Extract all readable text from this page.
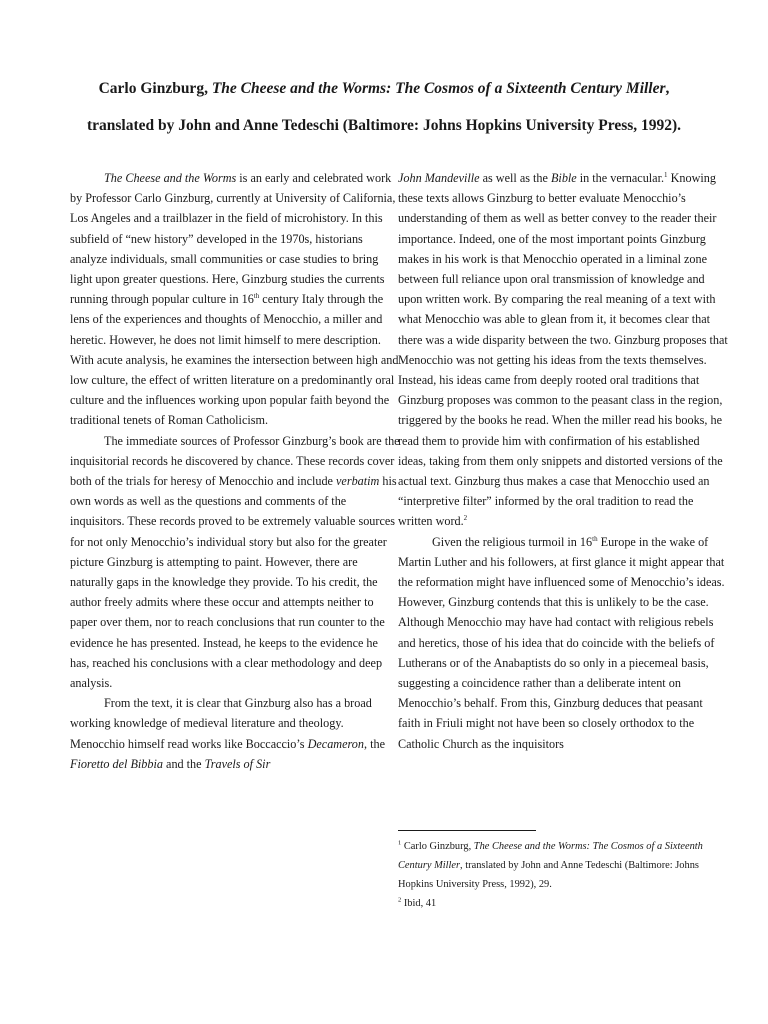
Carlo Ginzburg, The Cheese and the Worms: The Cosmos of a Sixteenth Century Miller,
translated by John and Anne Tedeschi (Baltimore: Johns Hopkins University Press, 1992).

The Cheese and the Worms is an early and celebrated work by Professor Carlo Ginzburg, currently at University of California, Los Angeles and a trailblazer in the field of microhistory. In this subfield of “new history” developed in the 1970s, historians analyze individuals, small communities or case studies to bring light upon greater questions. Here, Ginzburg studies the currents running through popular culture in 16th century Italy through the lens of the experiences and thoughts of Menocchio, a miller and heretic. However, he does not limit himself to mere description. With acute analysis, he examines the intersection between high and low culture, the effect of written literature on a predominantly oral culture and the influences working upon popular faith beyond the traditional tenets of Roman Catholicism.

The immediate sources of Professor Ginzburg’s book are the inquisitorial records he discovered by chance. These records cover both of the trials for heresy of Menocchio and include verbatim his own words as well as the questions and comments of the inquisitors. These records proved to be extremely valuable sources for not only Menocchio’s individual story but also for the greater picture Ginzburg is attempting to paint. However, there are naturally gaps in the knowledge they provide. To his credit, the author freely admits where these occur and attempts neither to paper over them, nor to reach conclusions that run counter to the evidence he has presented. Instead, he keeps to the evidence he has, reached his conclusions with a clear methodology and deep analysis.

From the text, it is clear that Ginzburg also has a broad working knowledge of medieval literature and theology. Menocchio himself read works like Boccaccio’s Decameron, the Fioretto del Bibbia and the Travels of Sir

John Mandeville as well as the Bible in the vernacular.$^1$ Knowing these texts allows Ginzburg to better evaluate Menocchio’s understanding of them as well as better convey to the reader their importance. Indeed, one of the most important points Ginzburg makes in his work is that Menocchio operated in a liminal zone between full reliance upon oral transmission of knowledge and upon written work. By comparing the real meaning of a text with what Menocchio was able to glean from it, it becomes clear that there was a wide disparity between the two. Ginzburg proposes that Menocchio was not getting his ideas from the texts themselves. Instead, his ideas came from deeply rooted oral traditions that Ginzburg proposes was common to the peasant class in the region, triggered by the books he read. When the miller read his books, he read them to provide him with confirmation of his established ideas, taking from them only snippets and distorted versions of the actual text. Ginzburg thus makes a case that Menocchio used an “interpretive filter” informed by the oral tradition to read the written word.$^2$

Given the religious turmoil in 16th Europe in the wake of Martin Luther and his followers, at first glance it might appear that the reformation might have influenced some of Menocchio’s ideas. However, Ginzburg contends that this is unlikely to be the case. Although Menocchio may have had contact with religious rebels and heretics, those of his idea that do coincide with the beliefs of Lutherans or of the Anabaptists do so only in a piecemeal basis, suggesting a coincidence rather than a deliberate intent on Menocchio’s behalf. From this, Ginzburg deduces that peasant faith in Friuli might not have been so closely orthodox to the Catholic Church as the inquisitors

$^1$ Carlo Ginzburg, The Cheese and the Worms: The Cosmos of a Sixteenth Century Miller, translated by John and Anne Tedeschi (Baltimore: Johns Hopkins University Press, 1992), 29.

$^2$ Ibid, 41
